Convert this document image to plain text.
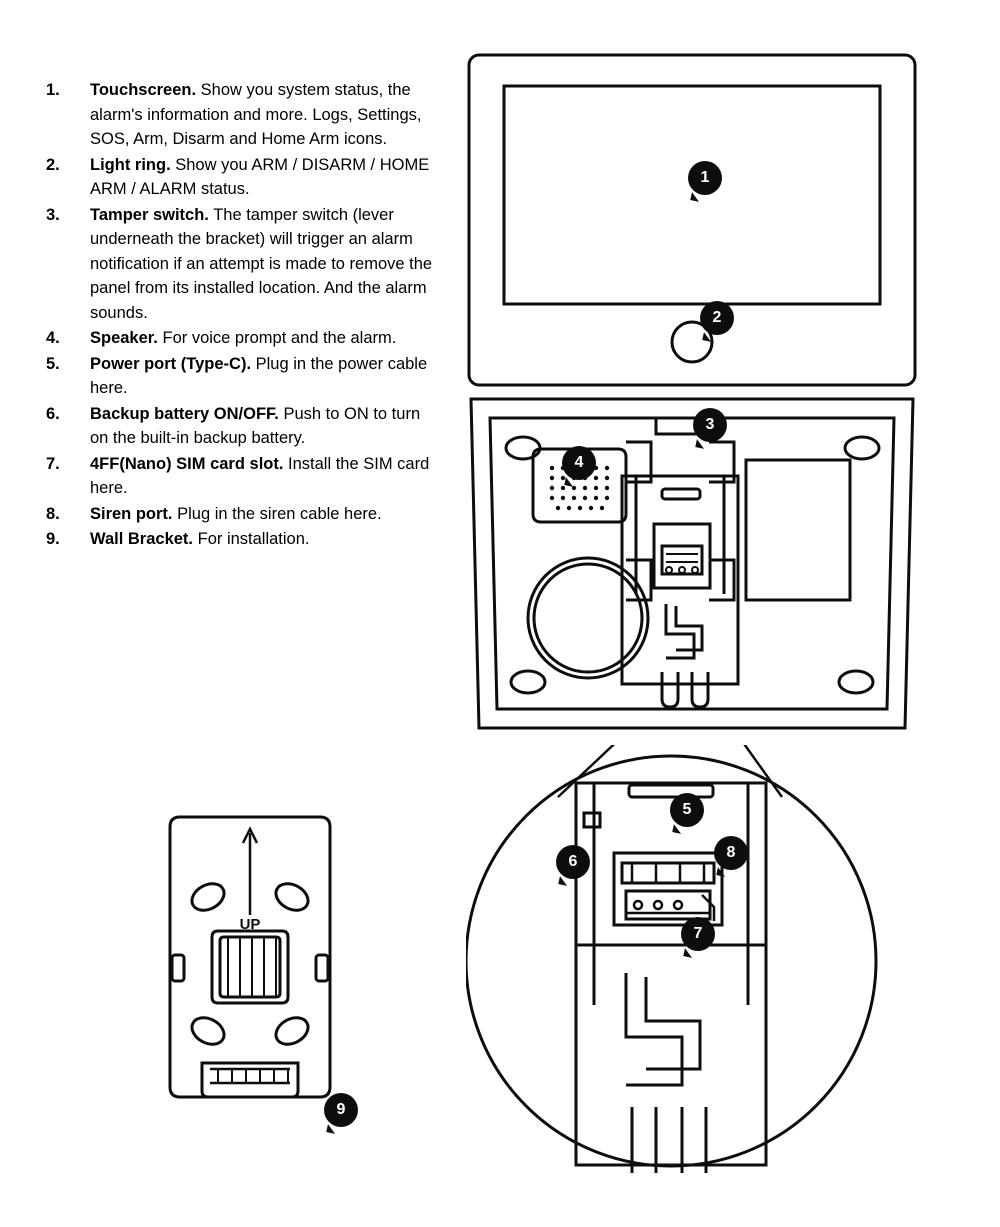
1.	Touchscreen. Show you system status, the alarm's information and more. Logs, Settings, SOS, Arm, Disarm and Home Arm icons.
2.	Light ring. Show you ARM / DISARM / HOME ARM / ALARM status.
3.	Tamper switch. The tamper switch (lever underneath the bracket) will trigger an alarm notification if an attempt is made to remove the panel from its installed location. And the alarm sounds.
4.	Speaker. For voice prompt and the alarm.
5.	Power port (Type-C). Plug in the power cable here.
6.	Backup battery ON/OFF. Push to ON to turn on the built-in backup battery.
7.	4FF(Nano) SIM card slot. Install the SIM card here.
8.	Siren port. Plug in the siren cable here.
9.	Wall Bracket. For installation.
1
2
3
4
5
6
7
8
UP
9
